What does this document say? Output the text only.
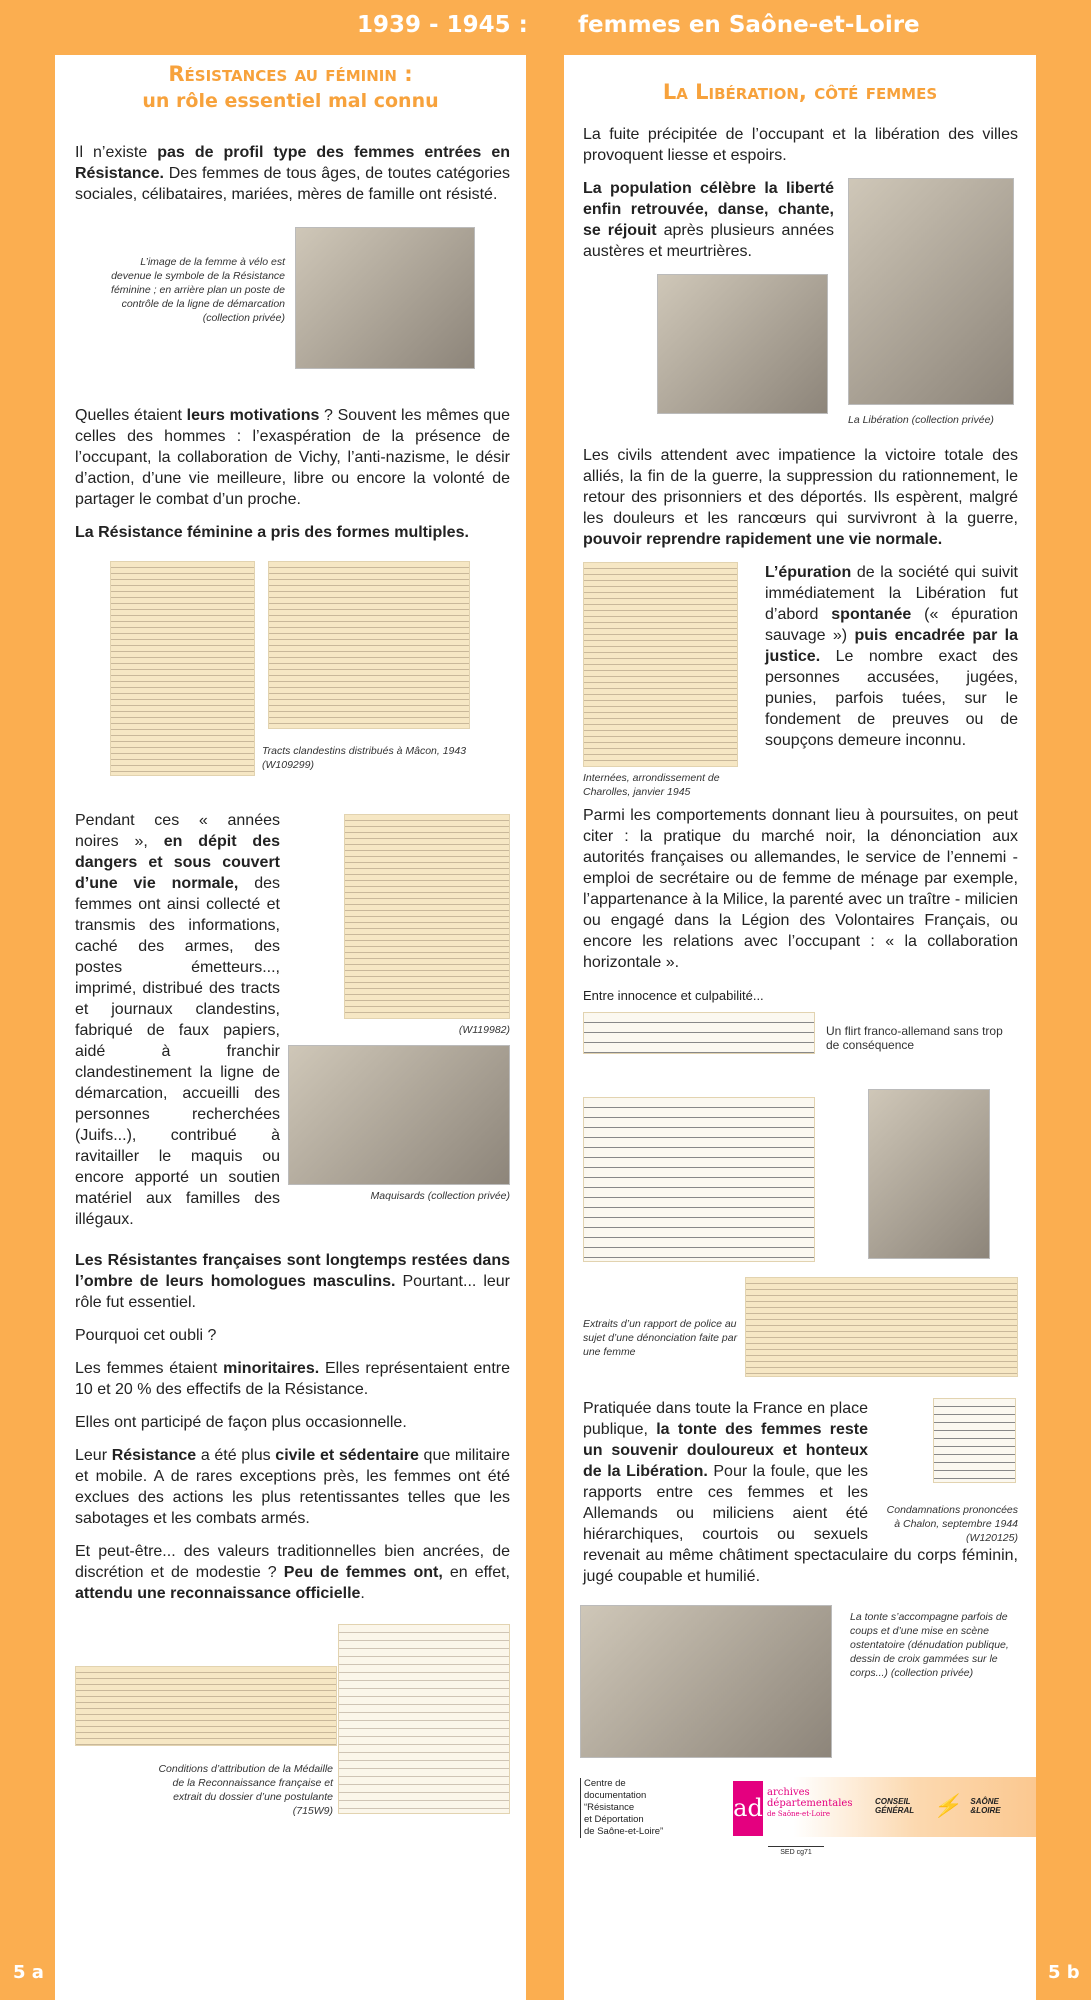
1939 - 1945 : femmes en Saône-et-Loire
Résistances au féminin :
un rôle essentiel mal connu
Il n’existe pas de profil type des femmes entrées en Résistance. Des femmes de tous âges, de toutes catégories sociales, célibataires, mariées, mères de famille ont résisté.
L’image de la femme à vélo est devenue le symbole de la Résistance féminine ; en arrière plan un poste de contrôle de la ligne de démarcation (collection privée)
Quelles étaient leurs motivations ? Souvent les mêmes que celles des hommes : l’exaspération de la présence de l’occupant, la collaboration de Vichy, l’anti-nazisme, le désir d’action, d’une vie meilleure, libre ou encore la volonté de partager le combat d’un proche.
La Résistance féminine a pris des formes multiples.
Tracts clandestins distribués à Mâcon, 1943 (W109299)
(W119982)
Maquisards (collection privée)
Pendant ces « années noires », en dépit des dangers et sous couvert d’une vie normale, des femmes ont ainsi collecté et transmis des informations, caché des armes, des postes émetteurs..., imprimé, distribué des tracts et journaux clandestins, fabriqué de faux papiers, aidé à franchir clandestinement la ligne de démarcation, accueilli des personnes recherchées (Juifs...), contribué à ravitailler le maquis ou encore apporté un soutien matériel aux familles des illégaux.
Les Résistantes françaises sont longtemps restées dans l’ombre de leurs homologues masculins. Pourtant... leur rôle fut essentiel.
Pourquoi cet oubli ?
Les femmes étaient minoritaires. Elles représentaient entre 10 et 20 % des effectifs de la Résistance.
Elles ont participé de façon plus occasionnelle.
Leur Résistance a été plus civile et sédentaire que militaire et mobile. A de rares exceptions près, les femmes ont été exclues des actions les plus retentissantes telles que les sabotages et les combats armés.
Et peut-être... des valeurs traditionnelles bien ancrées, de discrétion et de modestie ? Peu de femmes ont, en effet, attendu une reconnaissance officielle.
Conditions d’attribution de la Médaille de la Reconnaissance française et extrait du dossier d’une postulante (715W9)
5 a
La Libération, côté femmes
La fuite précipitée de l’occupant et la libération des villes provoquent liesse et espoirs.
La Libération (collection privée)
La population célèbre la liberté enfin retrouvée, danse, chante, se réjouit après plusieurs années austères et meurtrières.
Les civils attendent avec impatience la victoire totale des alliés, la fin de la guerre, la suppression du rationnement, le retour des prisonniers et des déportés. Ils espèrent, malgré les douleurs et les rancœurs qui survivront à la guerre, pouvoir reprendre rapidement une vie normale.
Internées, arrondissement de Charolles, janvier 1945
L’épuration de la société qui suivit immédiatement la Libération fut d’abord spontanée (« épuration sauvage ») puis encadrée par la justice. Le nombre exact des personnes accusées, jugées, punies, parfois tuées, sur le fondement de preuves ou de soupçons demeure inconnu.
Parmi les comportements donnant lieu à poursuites, on peut citer : la pratique du marché noir, la dénonciation aux autorités françaises ou allemandes, le service de l’ennemi - emploi de secrétaire ou de femme de ménage par exemple, l’appartenance à la Milice, la parenté avec un traître - milicien ou engagé dans la Légion des Volontaires Français, ou encore les relations avec l’occupant : « la collaboration horizontale ».
Entre innocence et culpabilité...
Un flirt franco-allemand sans trop de conséquence
Extraits d’un rapport de police au sujet d’une dénonciation faite par une femme
Condamnations prononcées à Chalon, septembre 1944 (W120125)
Pratiquée dans toute la France en place publique, la tonte des femmes reste un souvenir douloureux et honteux de la Libération. Pour la foule, que les rapports entre ces femmes et les Allemands ou miliciens aient été hiérarchiques, courtois ou sexuels revenait au même châtiment spectaculaire du corps féminin, jugé coupable et humilié.
La tonte s’accompagne parfois de coups et d’une mise en scène ostentatoire (dénudation publique, dessin de croix gammées sur le corps...) (collection privée)
Centre de
documentation
“Résistance
et Déportation
de Saône-et-Loire”
ad
archives
départementales
de Saône-et-Loire
CONSEIL GÉNÉRAL ⚡ SAÔNE &LOIRE
SED cg71
5 b
